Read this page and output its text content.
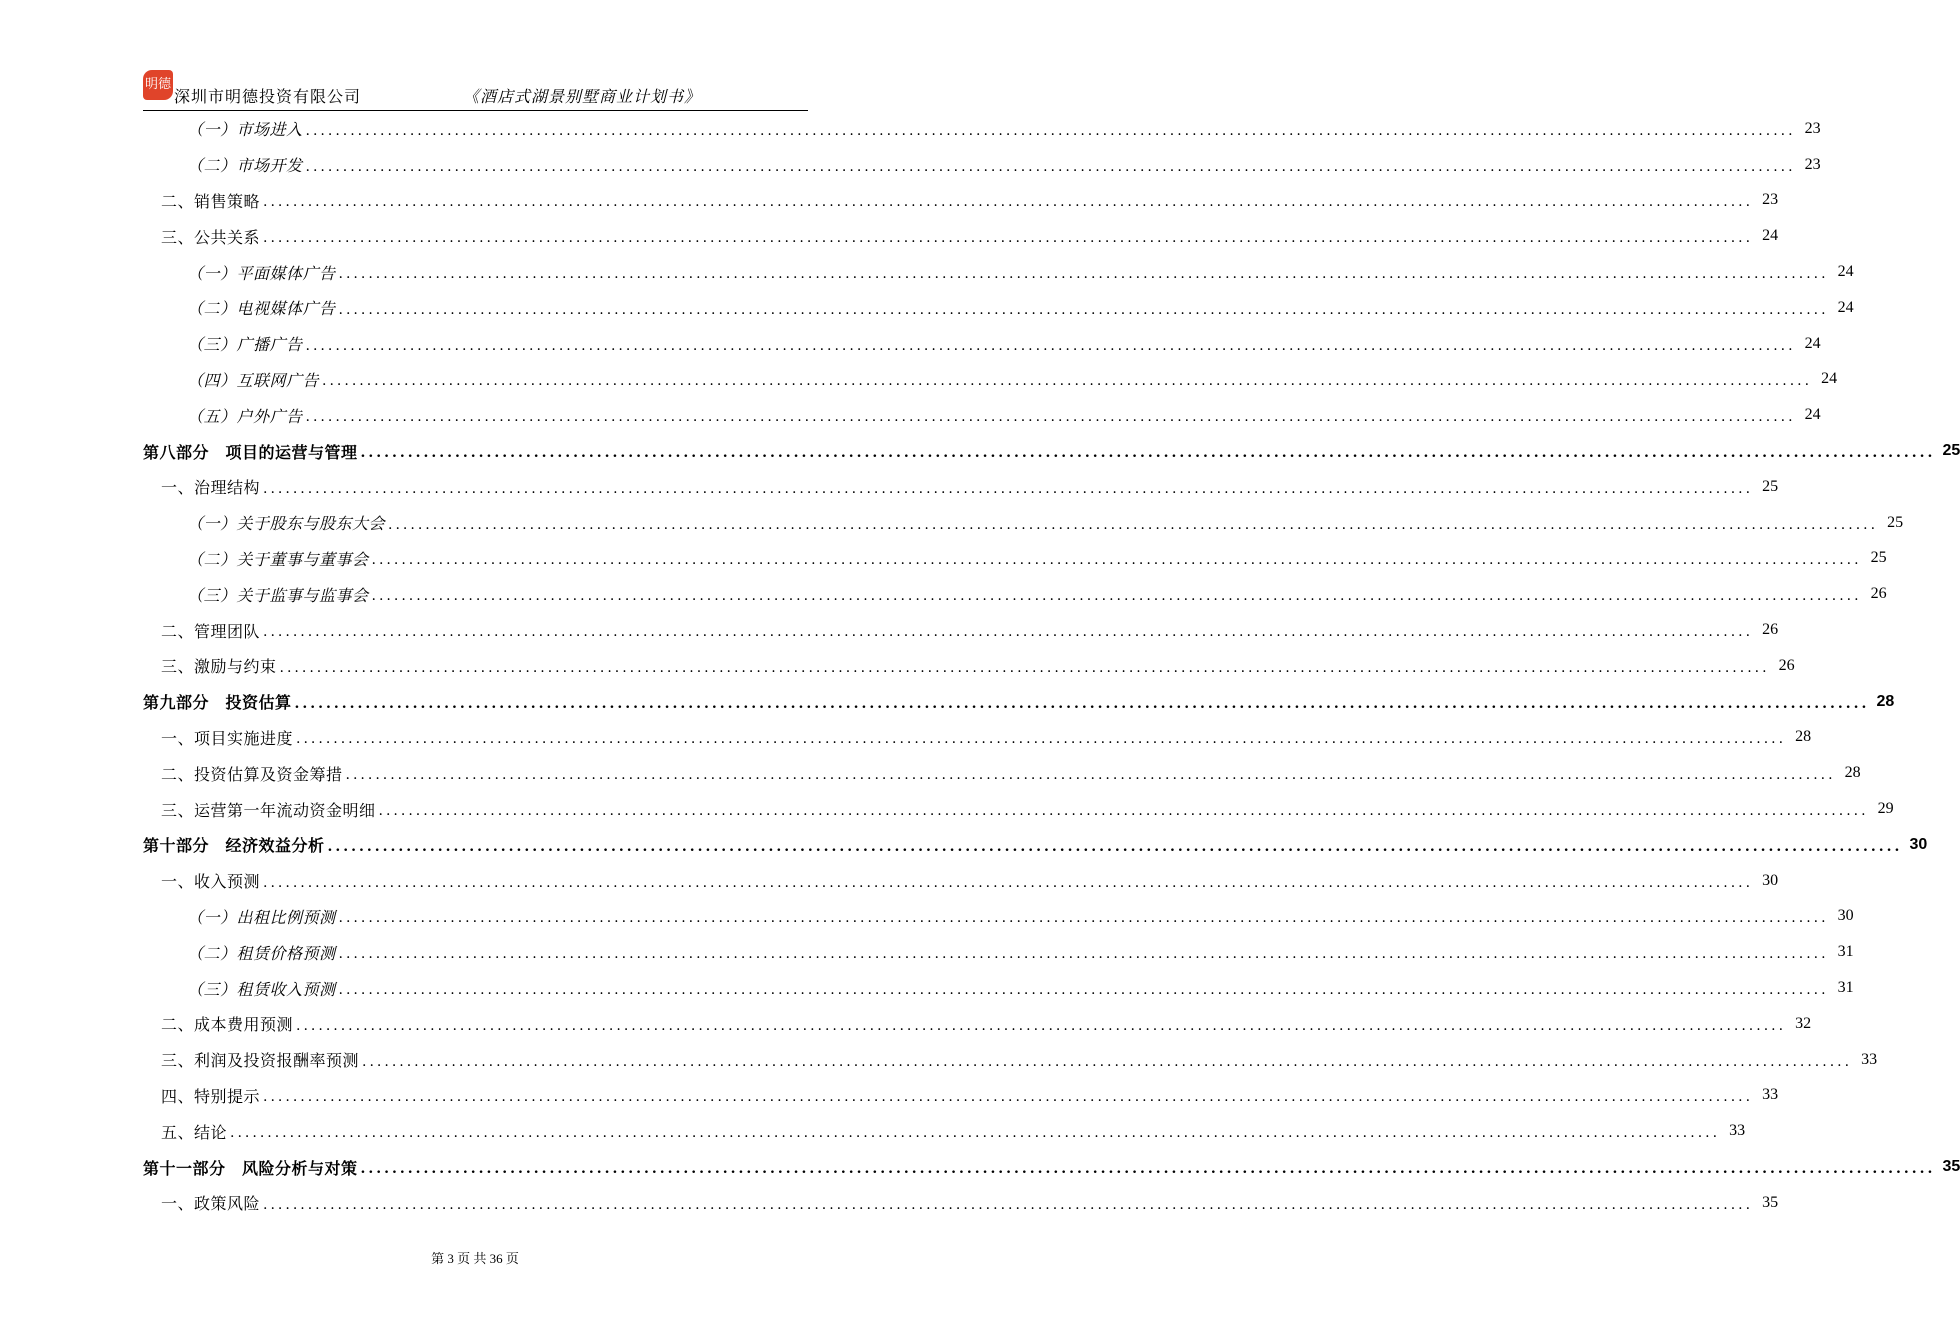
明德
深圳市明德投资有限公司	《酒店式湖景别墅商业计划书》
（一）市场进入 ........................................................................................................................................................................................................ 23
（二）市场开发 ........................................................................................................................................................................................................ 23
二、销售策略 ........................................................................................................................................................................................................ 23
三、公共关系 ........................................................................................................................................................................................................ 24
（一）平面媒体广告 ........................................................................................................................................................................................................ 24
（二）电视媒体广告 ........................................................................................................................................................................................................ 24
（三）广播广告 ........................................................................................................................................................................................................ 24
（四）互联网广告 ........................................................................................................................................................................................................ 24
（五）户外广告 ........................................................................................................................................................................................................ 24
第八部分　项目的运营与管理 ........................................................................................................................................................................................................ 25
一、治理结构 ........................................................................................................................................................................................................ 25
（一）关于股东与股东大会 ........................................................................................................................................................................................................ 25
（二）关于董事与董事会 ........................................................................................................................................................................................................ 25
（三）关于监事与监事会 ........................................................................................................................................................................................................ 26
二、管理团队 ........................................................................................................................................................................................................ 26
三、激励与约束 ........................................................................................................................................................................................................ 26
第九部分　投资估算 ........................................................................................................................................................................................................ 28
一、项目实施进度 ........................................................................................................................................................................................................ 28
二、投资估算及资金筹措 ........................................................................................................................................................................................................ 28
三、运营第一年流动资金明细 ........................................................................................................................................................................................................ 29
第十部分　经济效益分析 ........................................................................................................................................................................................................ 30
一、收入预测 ........................................................................................................................................................................................................ 30
（一）出租比例预测 ........................................................................................................................................................................................................ 30
（二）租赁价格预测 ........................................................................................................................................................................................................ 31
（三）租赁收入预测 ........................................................................................................................................................................................................ 31
二、成本费用预测 ........................................................................................................................................................................................................ 32
三、利润及投资报酬率预测 ........................................................................................................................................................................................................ 33
四、特别提示 ........................................................................................................................................................................................................ 33
五、结论 ........................................................................................................................................................................................................ 33
第十一部分　风险分析与对策 ........................................................................................................................................................................................................ 35
一、政策风险 ........................................................................................................................................................................................................ 35
第 3 页 共 36 页
